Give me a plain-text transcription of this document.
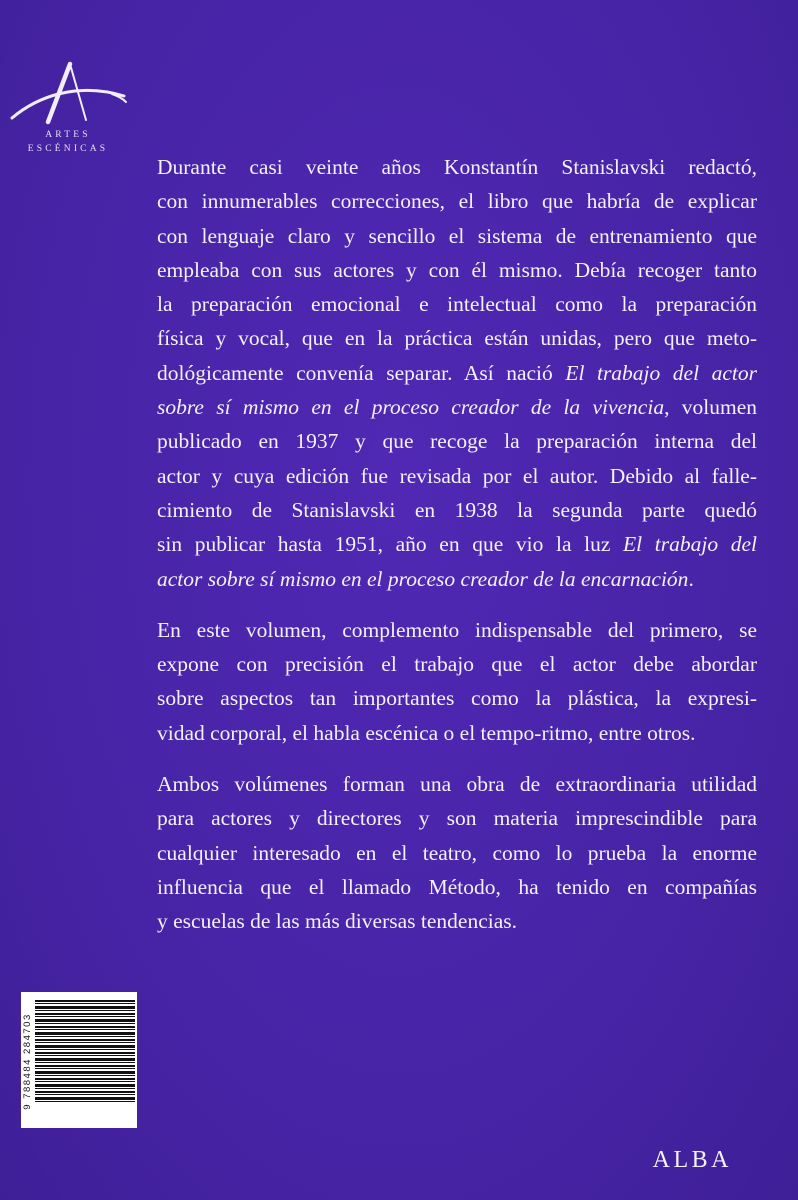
ARTES
ESCÉNICAS
Durante casi veinte años Konstantín Stanislavski redactó,
con innumerables correcciones, el libro que habría de explicar
con lenguaje claro y sencillo el sistema de entrenamiento que
empleaba con sus actores y con él mismo. Debía recoger tanto
la preparación emocional e intelectual como la preparación
física y vocal, que en la práctica están unidas, pero que meto-
dológicamente convenía separar. Así nació El trabajo del actor
sobre sí mismo en el proceso creador de la vivencia, volumen
publicado en 1937 y que recoge la preparación interna del
actor y cuya edición fue revisada por el autor. Debido al falle-
cimiento de Stanislavski en 1938 la segunda parte quedó
sin publicar hasta 1951, año en que vio la luz El trabajo del
actor sobre sí mismo en el proceso creador de la encarnación.
En este volumen, complemento indispensable del primero, se
expone con precisión el trabajo que el actor debe abordar
sobre aspectos tan importantes como la plástica, la expresi-
vidad corporal, el habla escénica o el tempo-ritmo, entre otros.
Ambos volúmenes forman una obra de extraordinaria utilidad
para actores y directores y son materia imprescindible para
cualquier interesado en el teatro, como lo prueba la enorme
influencia que el llamado Método, ha tenido en compañías
y escuelas de las más diversas tendencias.
9 788484 284703
ALBA
